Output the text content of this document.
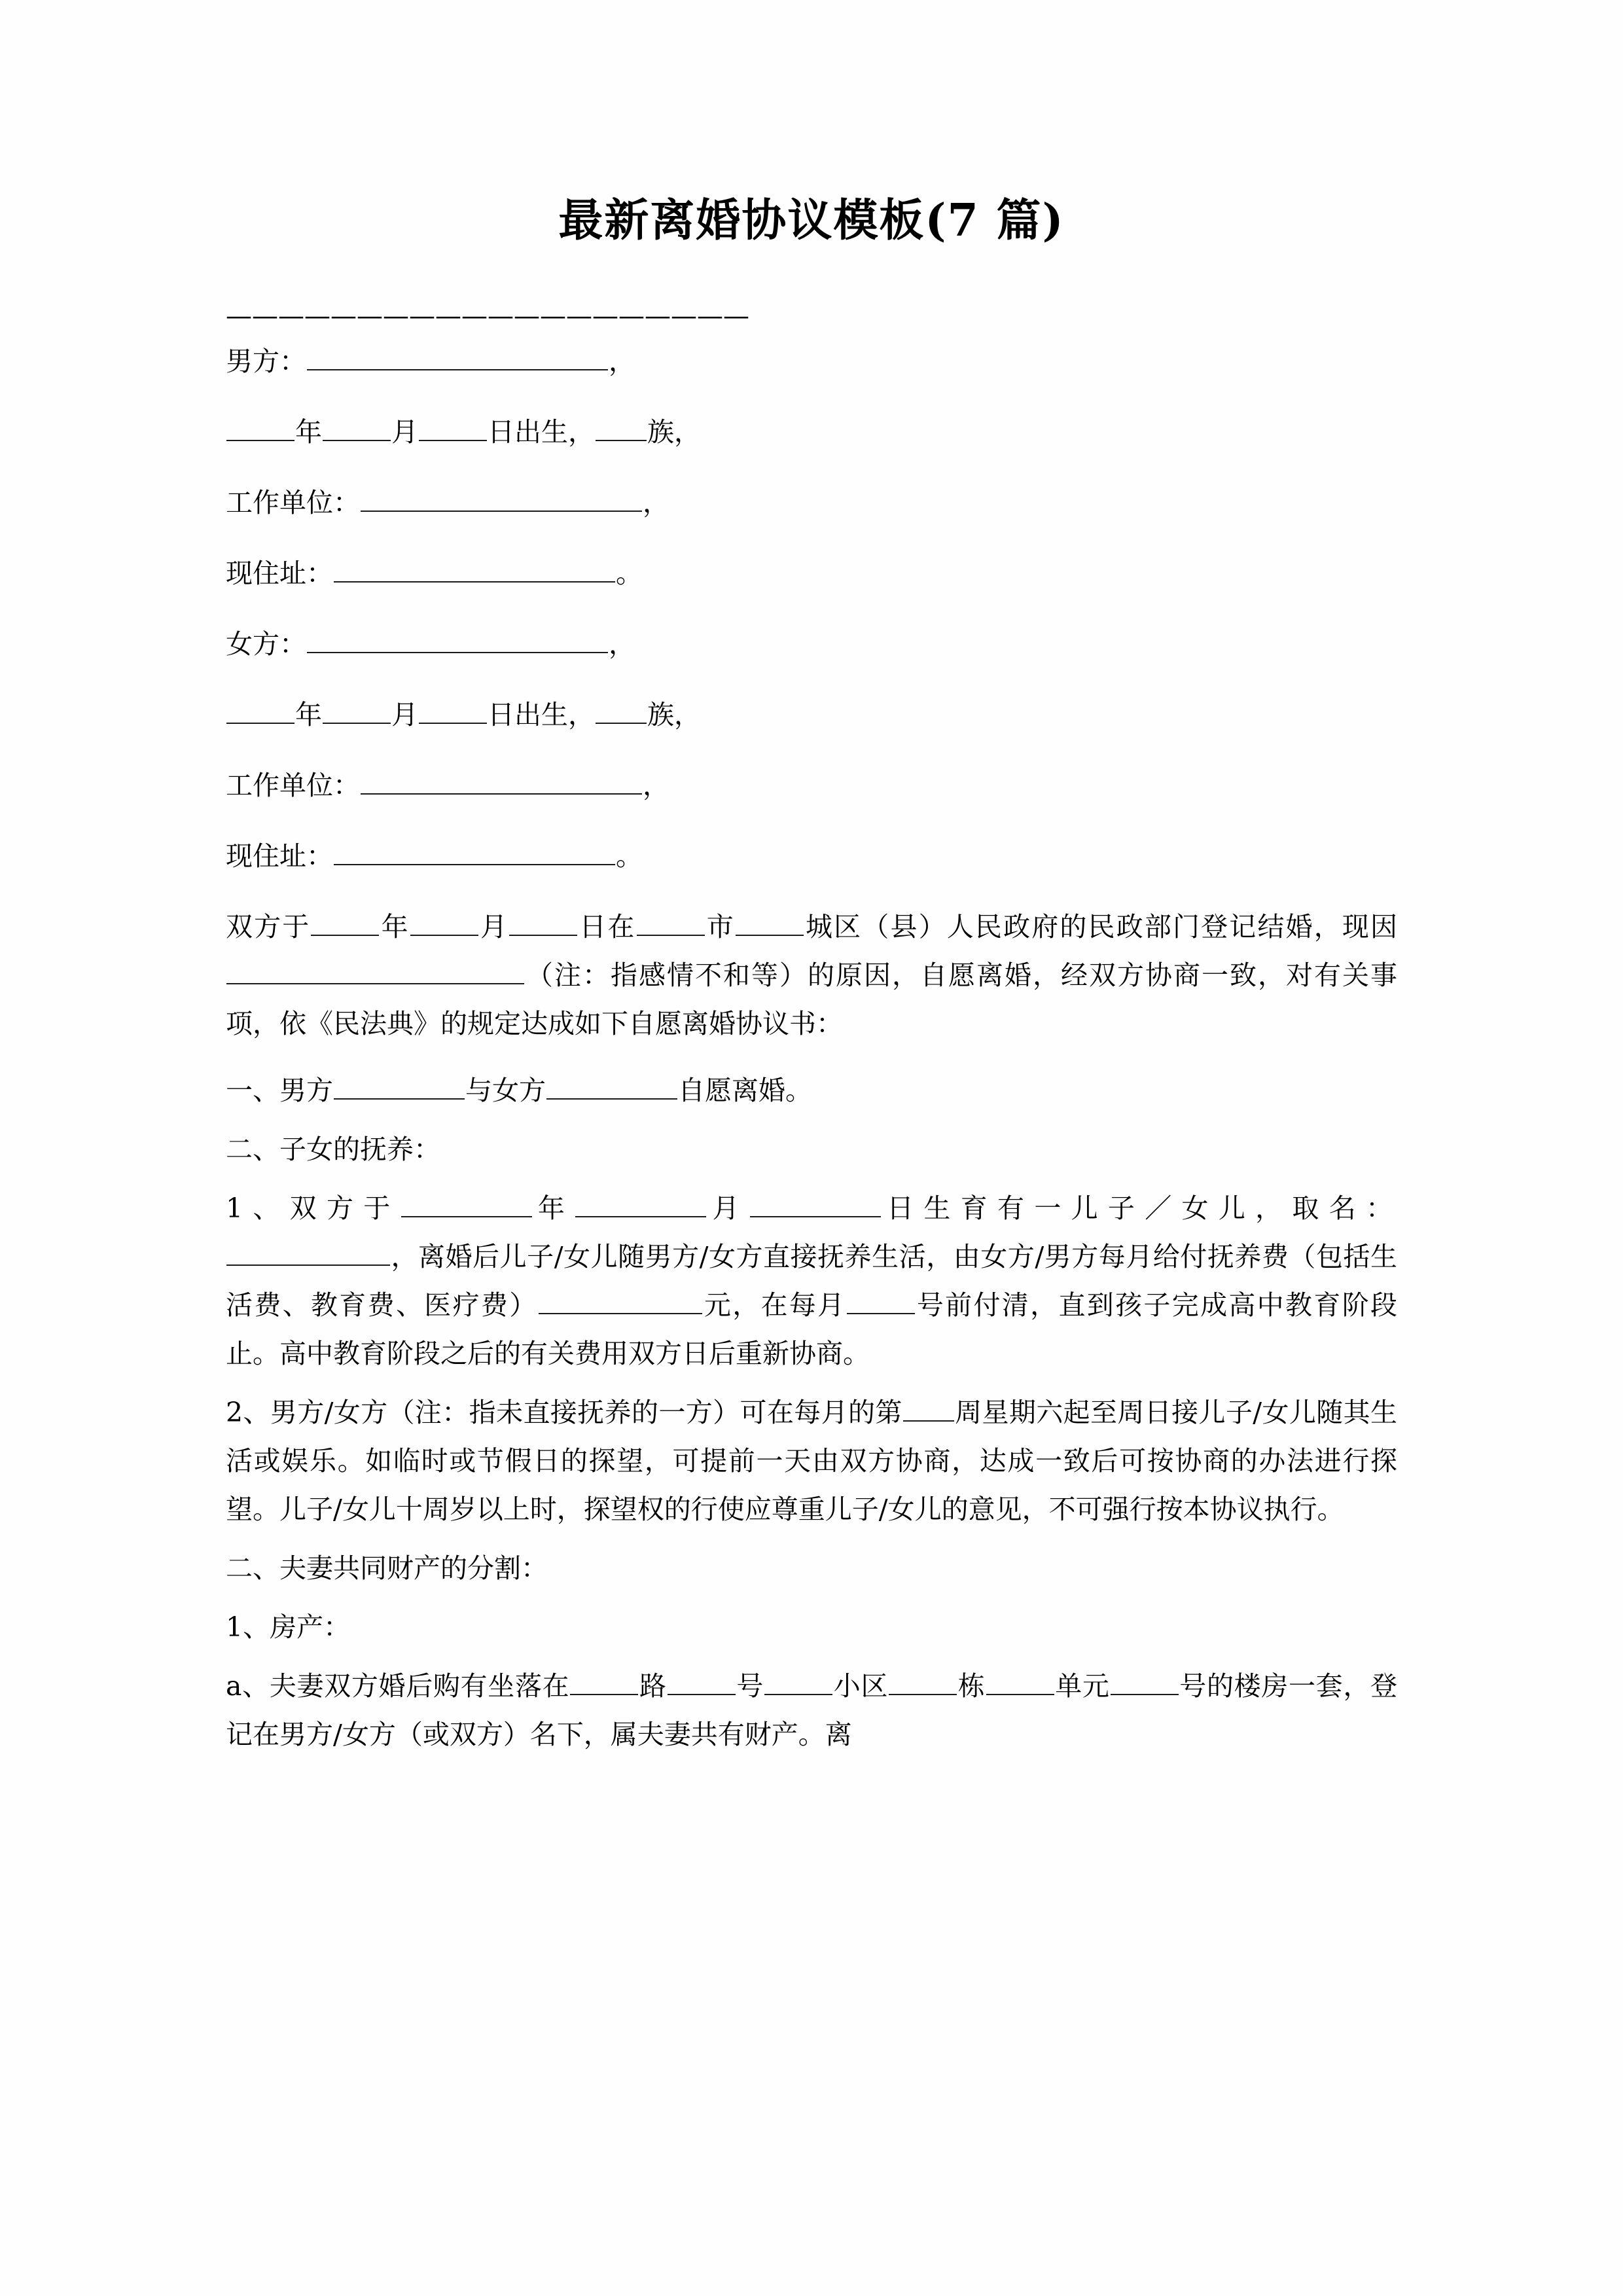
最新离婚协议模板(7 篇)
————————————————————
男方：	，
年	月	日出生， 族，
工作单位：	，
现住址：	。
女方：	，
年	月	日出生， 族，
工作单位：	，
现住址：	。
双方于	年	月	日在	市	城区（县）人民政府的民政部门登记结婚，现因（注：指感情不和等）的原因，自愿离婚，经双方协商一致，对有关事项，依《民法典》的规定达成如下自愿离婚协议书：
一、男方	与女方	自愿离婚。
二、子女的抚养：
1、双方于	年	月	日生育有一儿子／女儿，取名：，离婚后儿子/女儿随男方/女方直接抚养生活，由女方/男方每月给付抚养费（包括生活费、教育费、医疗费）	元，在每月	号前付清，直到孩子完成高中教育阶段止。高中教育阶段之后的有关费用双方日后重新协商。
2、男方/女方（注：指未直接抚养的一方）可在每月的第 周星期六起至周日接儿子/女儿随其生活或娱乐。如临时或节假日的探望，可提前一天由双方协商，达成一致后可按协商的办法进行探望。儿子/女儿十周岁以上时，探望权的行使应尊重儿子/女儿的意见，不可强行按本协议执行。
二、夫妻共同财产的分割：
1、房产：
a、夫妻双方婚后购有坐落在	路	号	小区	栋	单元	号的楼房一套，登记在男方/女方（或双方）名下，属夫妻共有财产。离
